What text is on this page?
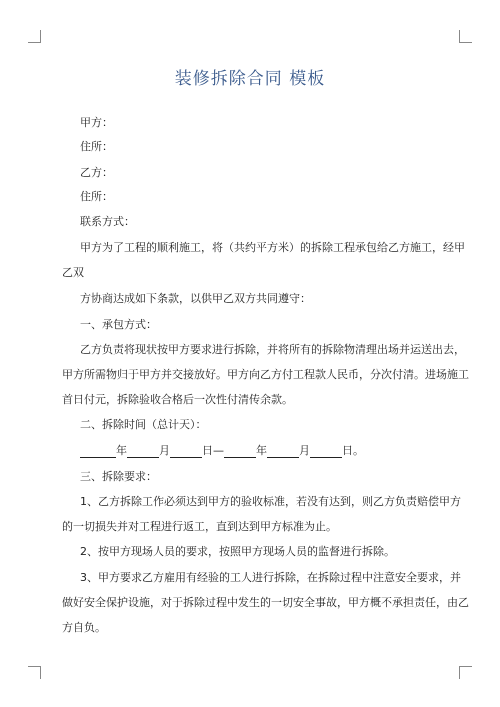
装修拆除合同 模板
甲方：
住所：
乙方：
住所：
联系方式：
甲方为了工程的顺利施工，将（共约平方米）的拆除工程承包给乙方施工，经甲
乙双
方协商达成如下条款，以供甲乙双方共同遵守：
一、承包方式：
乙方负责将现状按甲方要求进行拆除，并将所有的拆除物清理出场并运送出去，
甲方所需物归于甲方并交接放好。甲方向乙方付工程款人民币，分次付清。进场施工
首日付元，拆除验收合格后一次性付清传余款。
二、拆除时间（总计天）：
年	月	日—	年	月	日。
三、拆除要求：
1、乙方拆除工作必须达到甲方的验收标准，若没有达到，则乙方负责赔偿甲方
的一切损失并对工程进行返工，直到达到甲方标准为止。
2、按甲方现场人员的要求，按照甲方现场人员的监督进行拆除。
3、甲方要求乙方雇用有经验的工人进行拆除，在拆除过程中注意安全要求，并
做好安全保护设施，对于拆除过程中发生的一切安全事故，甲方概不承担责任，由乙
方自负。
